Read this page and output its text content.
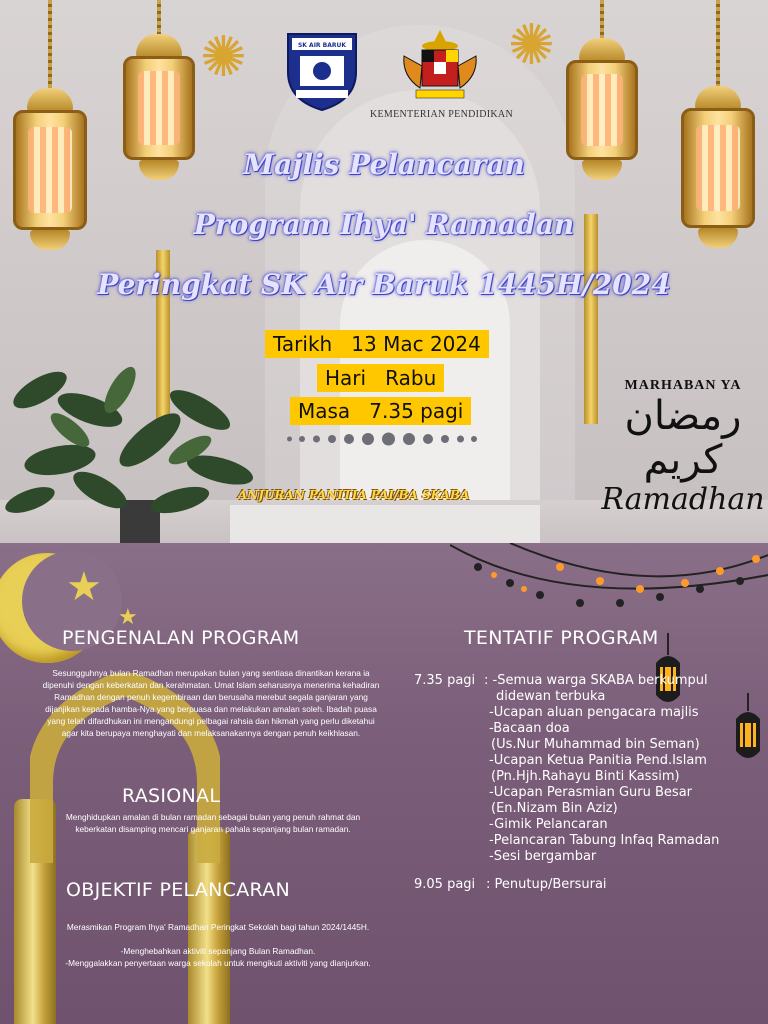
✺	✺
SK AIR BARUK
KEMENTERIAN PENDIDIKAN
Majlis Pelancaran
Program Ihya' Ramadan
Peringkat SK Air Baruk 1445H/2024
Tarikh 13 Mac 2024
Hari Rabu
Masa 7.35 pagi
ANJURAN PANITIA PAI/BA SKABA
MARHABAN YA
رمضان كريم
Ramadhan
★
★
PENGENALAN PROGRAM
Sesungguhnya bulan Ramadhan merupakan bulan yang sentiasa dinantikan kerana ia dipenuhi dengan keberkatan dan kerahmatan. Umat Islam seharusnya menerima kehadiran Ramadhan dengan penuh kegembiraan dan berusaha merebut segala ganjaran yang dijanjikan kepada hamba-Nya yang berpuasa dan melakukan amalan soleh. Ibadah puasa yang telah difardhukan ini mengandungi pelbagai rahsia dan hikmah yang perlu diketahui agar kita berupaya menghayati dan melaksanakannya dengan penuh keikhlasan.
RASIONAL
Menghidupkan amalan di bulan ramadan sebagai bulan yang penuh rahmat dan keberkatan disamping mencari ganjaran pahala sepanjang bulan ramadan.
OBJEKTIF PELANCARAN
Merasmikan Program Ihya' Ramadhan Peringkat Sekolah bagi tahun 2024/1445H.
-Menghebahkan aktiviti sepanjang Bulan Ramadhan.
-Menggalakkan penyertaan warga sekolah untuk mengikuti aktiviti yang dianjurkan.
TENTATIF PROGRAM
7.35 pagi : -Semua warga SKABA berkumpul
didewan terbuka
-Ucapan aluan pengacara majlis
-Bacaan doa
(Us.Nur Muhammad bin Seman)
-Ucapan Ketua Panitia Pend.Islam
(Pn.Hjh.Rahayu Binti Kassim)
-Ucapan Perasmian Guru Besar
(En.Nizam Bin Aziz)
-Gimik Pelancaran
-Pelancaran Tabung Infaq Ramadan
-Sesi bergambar
9.05 pagi : Penutup/Bersurai
